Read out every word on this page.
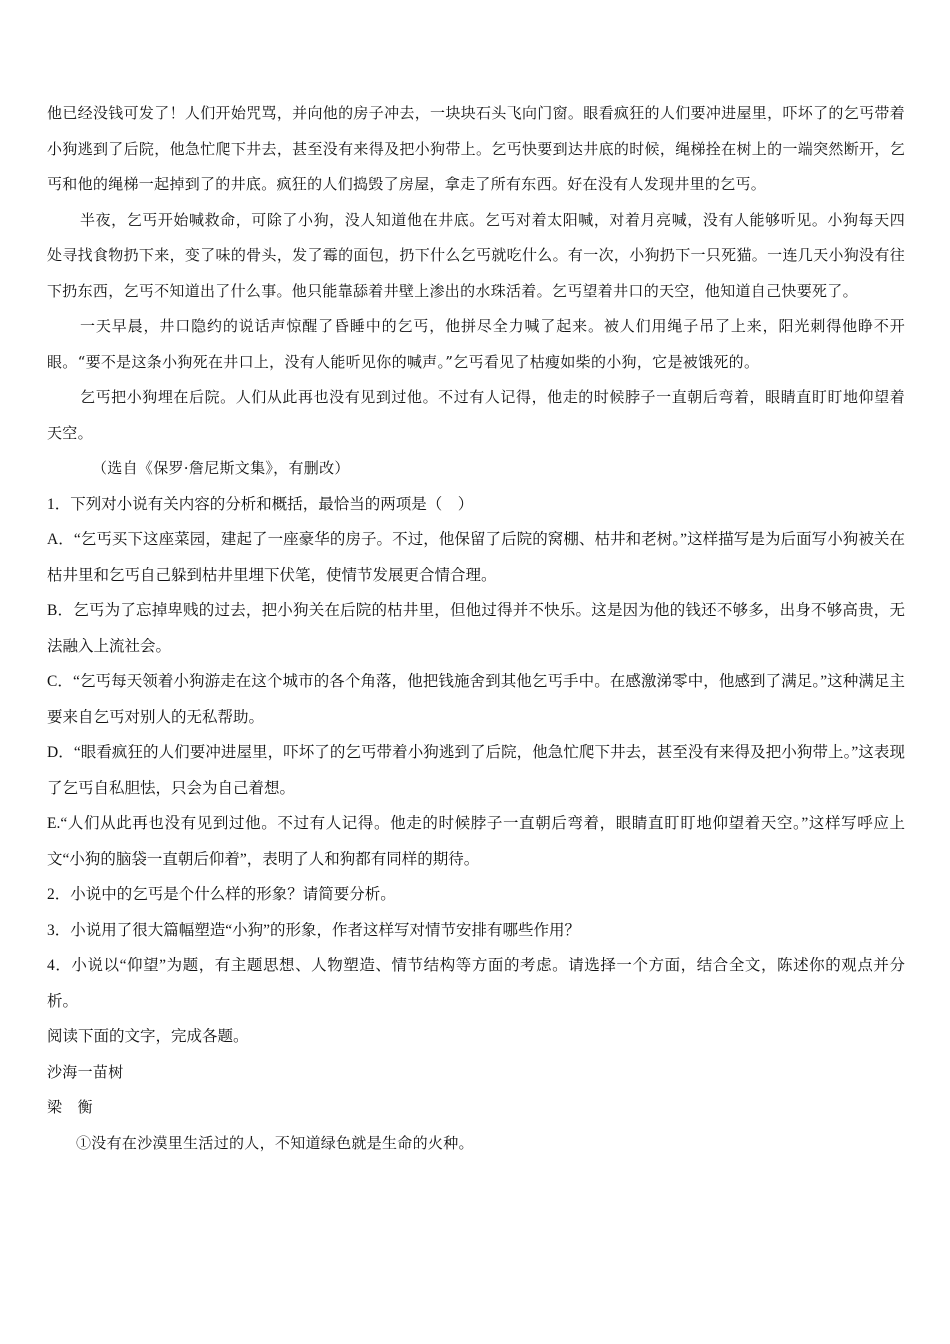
他已经没钱可发了！人们开始咒骂，并向他的房子冲去，一块块石头飞向门窗。眼看疯狂的人们要冲进屋里，吓坏了的乞丐带着小狗逃到了后院，他急忙爬下井去，甚至没有来得及把小狗带上。乞丐快要到达井底的时候，绳梯拴在树上的一端突然断开，乞丐和他的绳梯一起掉到了的井底。疯狂的人们捣毁了房屋，拿走了所有东西。好在没有人发现井里的乞丐。

半夜，乞丐开始喊救命，可除了小狗，没人知道他在井底。乞丐对着太阳喊，对着月亮喊，没有人能够听见。小狗每天四处寻找食物扔下来，变了味的骨头，发了霉的面包，扔下什么乞丐就吃什么。有一次，小狗扔下一只死猫。一连几天小狗没有往下扔东西，乞丐不知道出了什么事。他只能靠舔着井壁上渗出的水珠活着。乞丐望着井口的天空，他知道自己快要死了。

一天早晨，井口隐约的说话声惊醒了昏睡中的乞丐，他拼尽全力喊了起来。被人们用绳子吊了上来，阳光刺得他睁不开眼。“要不是这条小狗死在井口上，没有人能听见你的喊声。”乞丐看见了枯瘦如柴的小狗，它是被饿死的。

乞丐把小狗埋在后院。人们从此再也没有见到过他。不过有人记得，他走的时候脖子一直朝后弯着，眼睛直盯盯地仰望着天空。

（选自《保罗·詹尼斯文集》，有删改）

1．下列对小说有关内容的分析和概括，最恰当的两项是（　）

A．“乞丐买下这座菜园，建起了一座豪华的房子。不过，他保留了后院的窝棚、枯井和老树。”这样描写是为后面写小狗被关在枯井里和乞丐自己躲到枯井里埋下伏笔，使情节发展更合情合理。

B．乞丐为了忘掉卑贱的过去，把小狗关在后院的枯井里，但他过得并不快乐。这是因为他的钱还不够多，出身不够高贵，无法融入上流社会。

C．“乞丐每天领着小狗游走在这个城市的各个角落，他把钱施舍到其他乞丐手中。在感激涕零中，他感到了满足。”这种满足主要来自乞丐对别人的无私帮助。

D．“眼看疯狂的人们要冲进屋里，吓坏了的乞丐带着小狗逃到了后院，他急忙爬下井去，甚至没有来得及把小狗带上。”这表现了乞丐自私胆怯，只会为自己着想。

E.“人们从此再也没有见到过他。不过有人记得。他走的时候脖子一直朝后弯着，眼睛直盯盯地仰望着天空。”这样写呼应上文“小狗的脑袋一直朝后仰着”，表明了人和狗都有同样的期待。

2．小说中的乞丐是个什么样的形象？请简要分析。

3．小说用了很大篇幅塑造“小狗”的形象，作者这样写对情节安排有哪些作用？

4．小说以“仰望”为题，有主题思想、人物塑造、情节结构等方面的考虑。请选择一个方面，结合全文，陈述你的观点并分析。

阅读下面的文字，完成各题。

沙海一苗树

梁　衡

①没有在沙漠里生活过的人，不知道绿色就是生命的火种。
